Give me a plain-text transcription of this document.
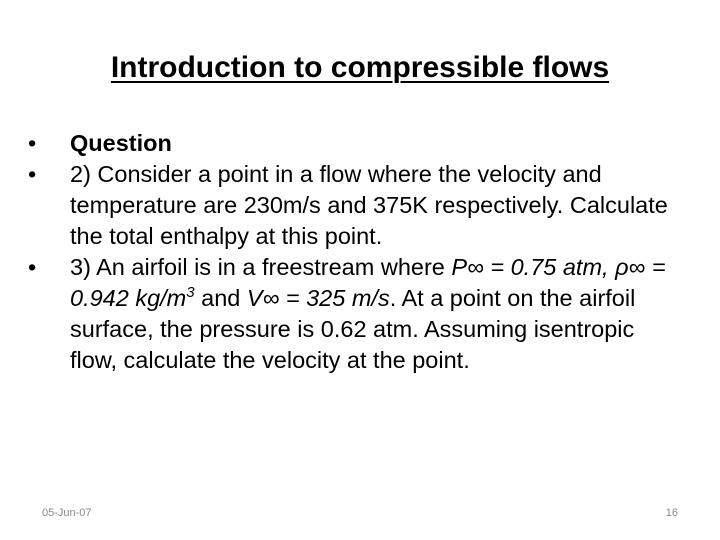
Introduction to compressible flows
•	Question
•	2) Consider a point in a flow where the velocity and temperature are 230m/s and 375K respectively. Calculate the total enthalpy at this point.
•	3) An airfoil is in a freestream where P∞ = 0.75 atm, ρ∞ = 0.942 $kg/m^3$ and V∞ = 325 m/s. At a point on the airfoil surface, the pressure is 0.62 atm. Assuming isentropic flow, calculate the velocity at the point.
05-Jun-07	16
